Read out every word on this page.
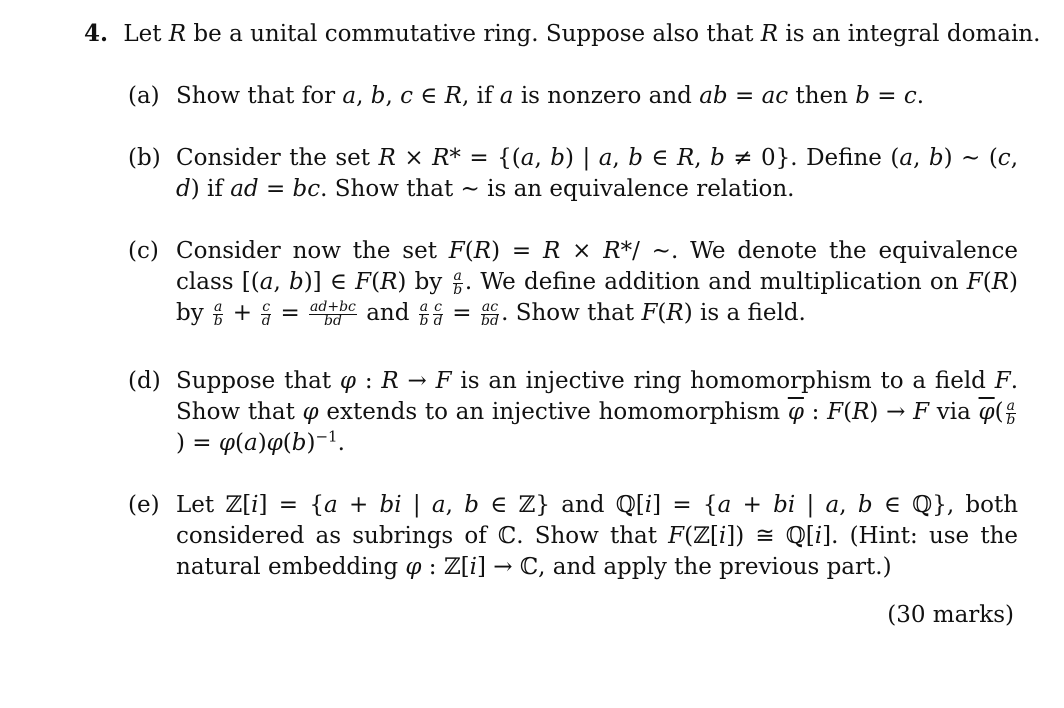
4. Let R be a unital commutative ring. Suppose also that R is an integral domain.
(a) Show that for a, b, c ∈ R, if a is nonzero and ab = ac then b = c.
(b) Consider the set R × R* = {(a, b) | a, b ∈ R, b ≠ 0}. Define (a, b) ∼ (c, d) if ad = bc. Show that ∼ is an equivalence relation.
(c) Consider now the set F(R) = R × R*/ ∼. We denote the equivalence class [(a, b)] ∈ F(R) by $\frac{a}{b}$ . We define addition and multiplication on F(R) by $\frac{a}{b} + \frac{c}{d} = \frac{ad+bc}{bd}$ and $\frac{a}{b} \frac{c}{d} = \frac{ac}{bd}$ . Show that F(R) is a field.
(d) Suppose that φ : R → F is an injective ring homomorphism to a field F. Show that φ extends to an injective homomorphism $\overline{\varphi}$ : F(R) → F via $\overline{\varphi}( \frac{a}{b}$
) = $\varphi(a)\varphi(b)^{-1}$.
(e) Let ℤ[i] = {a + bi | a, b ∈ ℤ} and ℚ[i] = {a + bi | a, b ∈ ℚ}, both considered as subrings of ℂ. Show that F(ℤ[i]) ≅ ℚ[i]. (Hint: use the natural embedding φ : ℤ[i] → ℂ, and apply the previous part.)
(30 marks)
